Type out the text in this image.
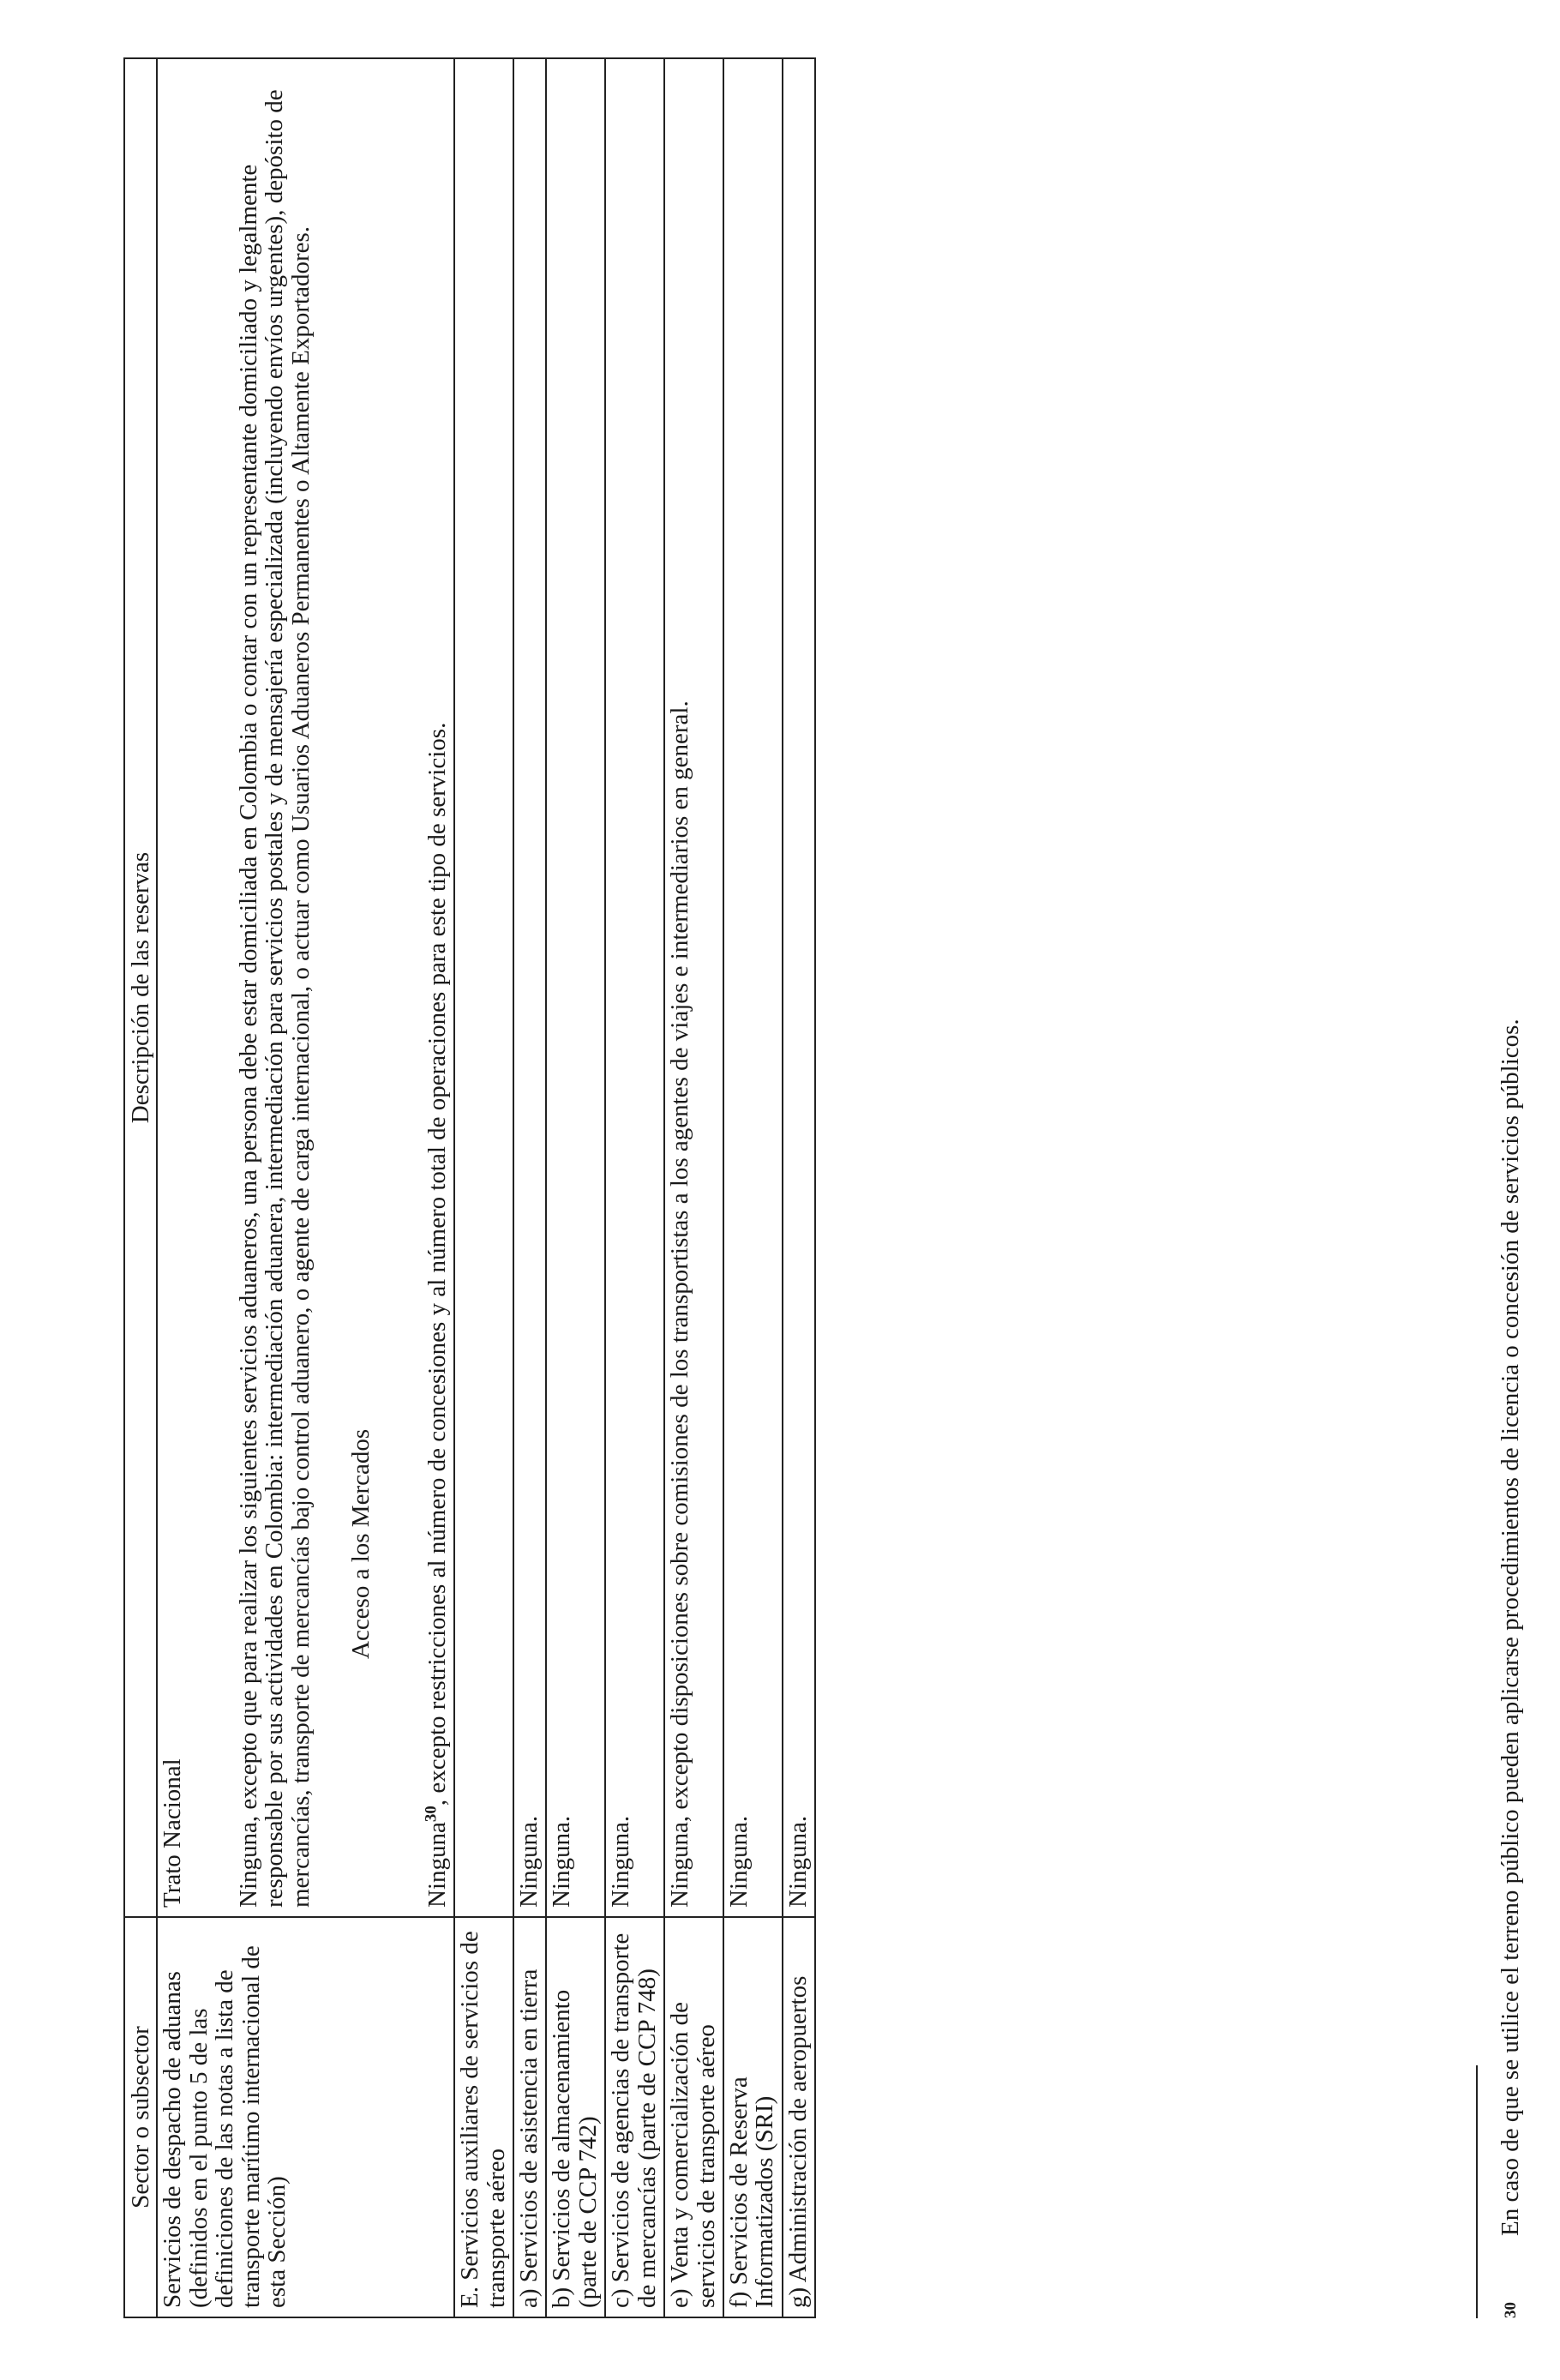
Sector o subsector	Descripción de las reservas
Servicios de despacho de aduanas (definidos en el punto 5 de las definiciones de las notas a lista de transporte marítimo internacional de esta Sección)	Trato Nacional Ninguna, excepto que para realizar los siguientes servicios aduaneros, una persona debe estar domiciliada en Colombia o contar con un representante domiciliado y legalmente responsable por sus actividades en Colombia: intermediación aduanera, intermediación para servicios postales y de mensajería especializada (incluyendo envíos urgentes), depósito de mercancías, transporte de mercancías bajo control aduanero, o agente de carga internacional, o actuar como Usuarios Aduaneros Permanentes o Altamente Exportadores. Acceso a los Mercados

Ninguna$^{30}$, excepto restricciones al número de concesiones y al número total de operaciones para este tipo de servicios.

E. Servicios auxiliares de servicios de transporte aéreo	
a) Servicios de asistencia en tierra	Ninguna.
b) Servicios de almacenamiento (parte de CCP 742)	Ninguna.
c) Servicios de agencias de transporte de mercancías (parte de CCP 748)	Ninguna.
e) Venta y comercialización de servicios de transporte aéreo	Ninguna, excepto disposiciones sobre comisiones de los transportistas a los agentes de viajes e intermediarios en general.
f) Servicios de Reserva Informatizados (SRI)	Ninguna.
g) Administración de aeropuertos	Ninguna.
30En caso de que se utilice el terreno público pueden aplicarse procedimientos de licencia o concesión de servicios públicos.
